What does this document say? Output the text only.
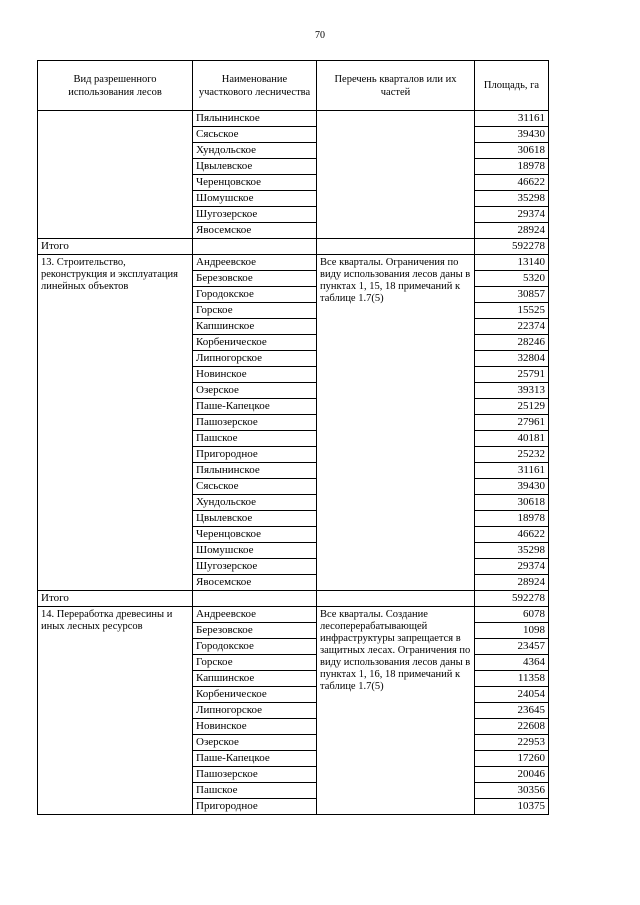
70
Вид разрешенного использования лесов	Наименование участкового лесничества	Перечень кварталов или их частей	Площадь, га
	Пялынинское		31161
	Сясьское		39430
	Хундольское		30618
	Цвылевское		18978
	Черенцовское		46622
	Шомушское		35298
	Шугозерское		29374
	Явосемское		28924
Итого			592278
13. Строительство, реконструкция и эксплуатация линейных объектов	Андреевское	Все кварталы. Ограничения по виду использования лесов даны в пунктах 1, 15, 18 примечаний к таблице 1.7(5)	13140
	Березовское		5320
	Городокское		30857
	Горское		15525
	Капшинское		22374
	Корбеническое		28246
	Липногорское		32804
	Новинское		25791
	Озерское		39313
	Паше-Капецкое		25129
	Пашозерское		27961
	Пашское		40181
	Пригородное		25232
	Пялынинское		31161
	Сясьское		39430
	Хундольское		30618
	Цвылевское		18978
	Черенцовское		46622
	Шомушское		35298
	Шугозерское		29374
	Явосемское		28924
Итого			592278
14. Переработка древесины и иных лесных ресурсов	Андреевское	Все кварталы. Создание лесоперерабатывающей инфраструктуры запрещается в защитных лесах. Ограничения по виду использования лесов даны в пунктах 1, 16, 18 примечаний к таблице 1.7(5)	6078
	Березовское		1098
	Городокское		23457
	Горское		4364
	Капшинское		11358
	Корбеническое		24054
	Липногорское		23645
	Новинское		22608
	Озерское		22953
	Паше-Капецкое		17260
	Пашозерское		20046
	Пашское		30356
	Пригородное		10375
